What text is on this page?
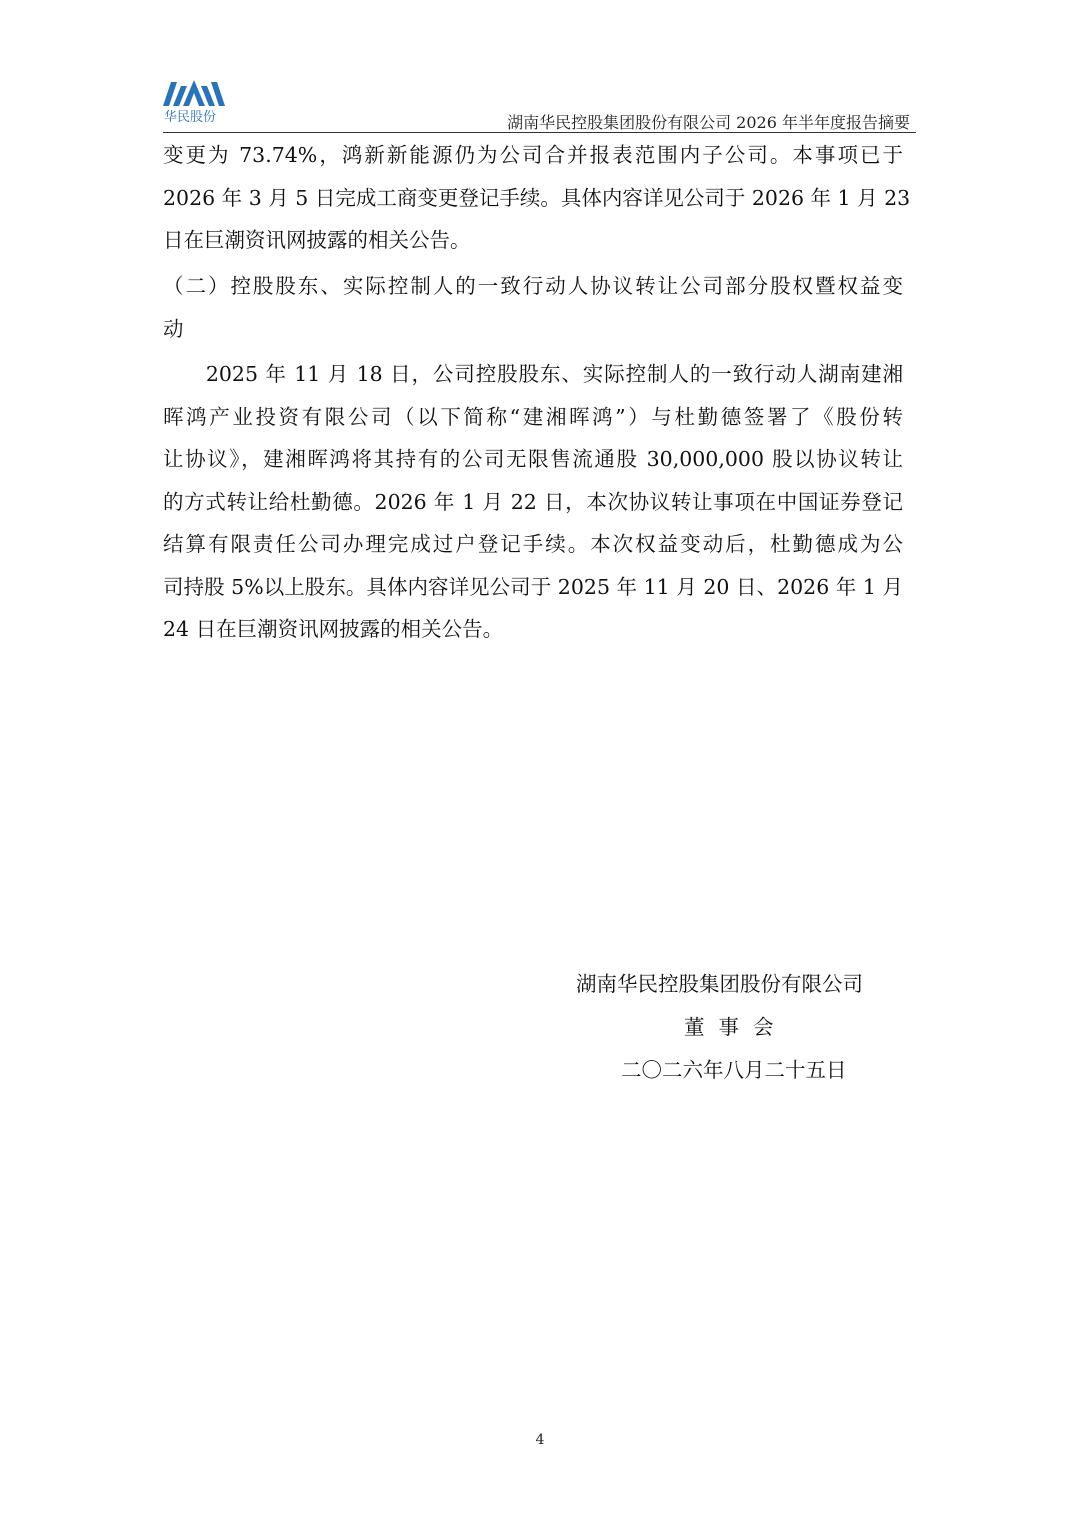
华民股份	湖南华民控股集团股份有限公司 2026 年半年度报告摘要
变更为 73.74%，鸿新新能源仍为公司合并报表范围内子公司。本事项已于
2026 年 3 月 5 日完成工商变更登记手续。具体内容详见公司于 2026 年 1 月 23
日在巨潮资讯网披露的相关公告。
（二）控股股东、实际控制人的一致行动人协议转让公司部分股权暨权益变
动
　　2025 年 11 月 18 日，公司控股股东、实际控制人的一致行动人湖南建湘
晖鸿产业投资有限公司（以下简称“建湘晖鸿”）与杜勤德签署了《股份转
让协议》，建湘晖鸿将其持有的公司无限售流通股 30,000,000 股以协议转让
的方式转让给杜勤德。2026 年 1 月 22 日，本次协议转让事项在中国证券登记
结算有限责任公司办理完成过户登记手续。本次权益变动后，杜勤德成为公
司持股 5%以上股东。具体内容详见公司于 2025 年 11 月 20 日、2026 年 1 月
24 日在巨潮资讯网披露的相关公告。
湖南华民控股集团股份有限公司
董事会
二〇二六年八月二十五日
4
